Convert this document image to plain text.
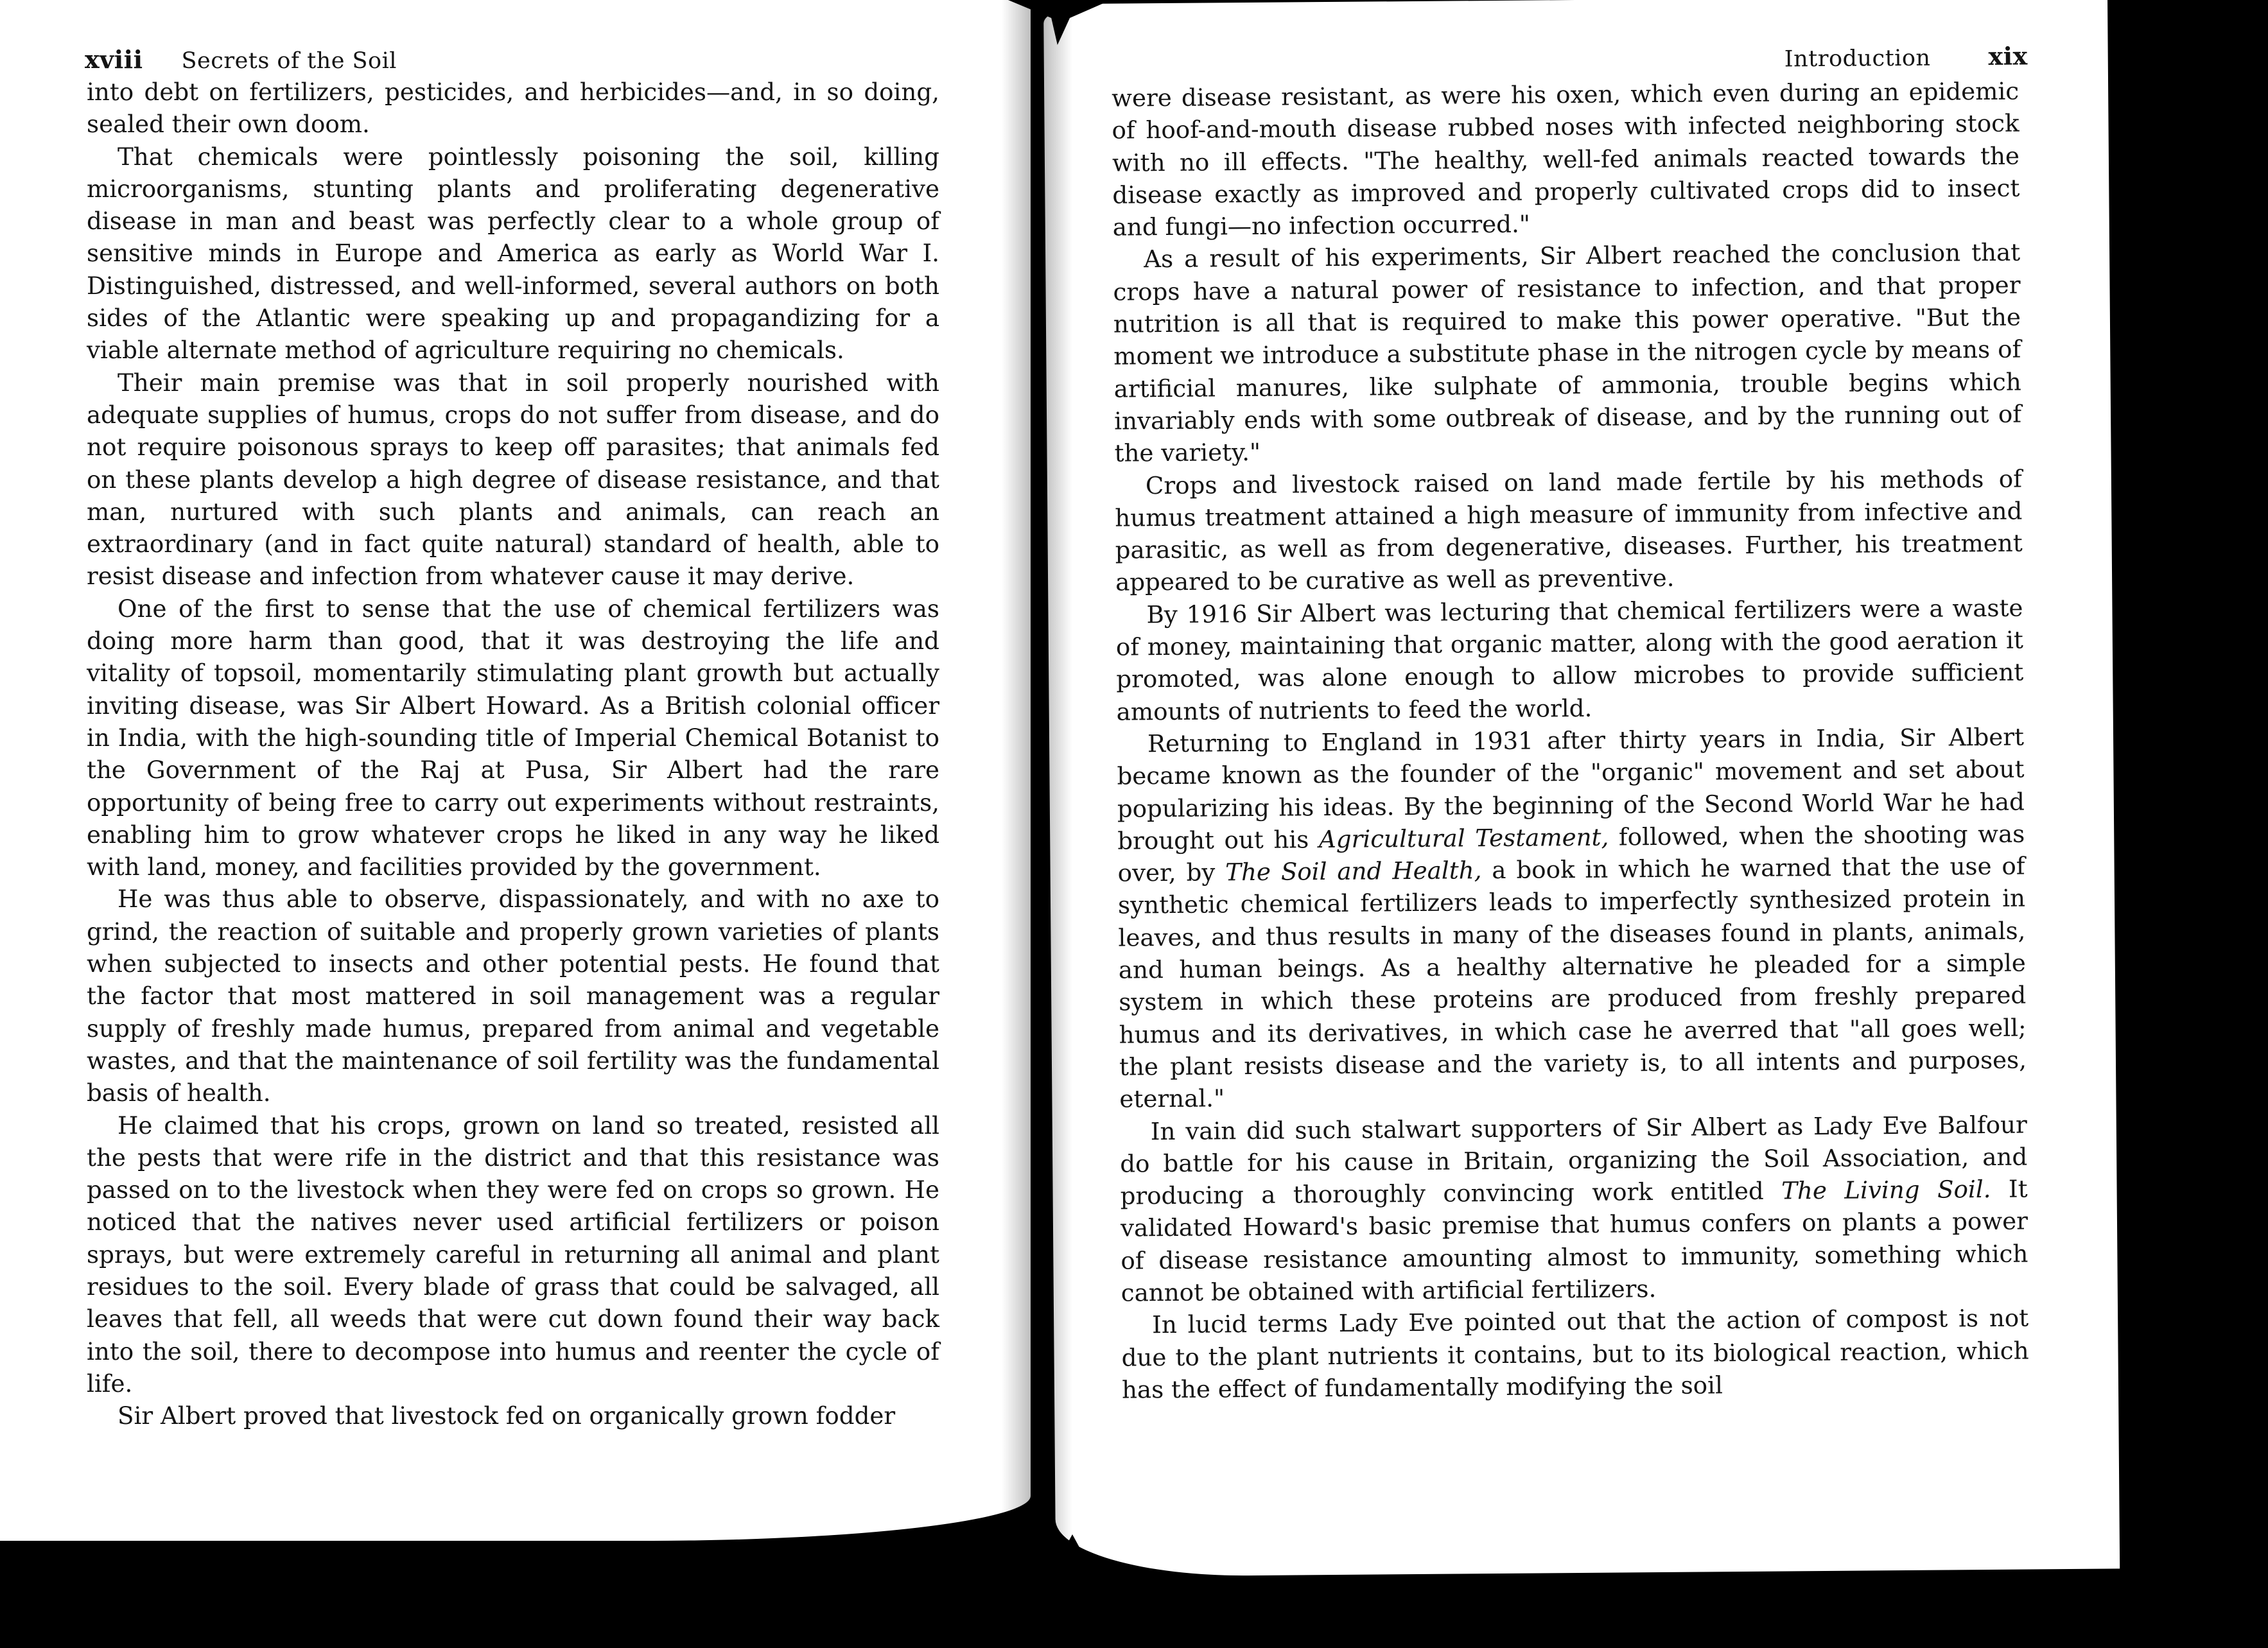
xviii Secrets of the Soil

into debt on fertilizers, pesticides, and herbicides—and, in so doing, sealed their own doom.

That chemicals were pointlessly poisoning the soil, killing microorganisms, stunting plants and proliferating degenerative disease in man and beast was perfectly clear to a whole group of sensitive minds in Europe and America as early as World War I. Distinguished, distressed, and well-informed, several authors on both sides of the Atlantic were speaking up and propagandizing for a viable alternate method of agriculture requiring no chemicals.

Their main premise was that in soil properly nourished with adequate supplies of humus, crops do not suffer from disease, and do not require poisonous sprays to keep off parasites; that animals fed on these plants develop a high degree of disease resistance, and that man, nurtured with such plants and animals, can reach an extraordinary (and in fact quite natural) standard of health, able to resist disease and infection from whatever cause it may derive.

One of the first to sense that the use of chemical fertilizers was doing more harm than good, that it was destroying the life and vitality of topsoil, momentarily stimulating plant growth but actually inviting disease, was Sir Albert Howard. As a British colonial officer in India, with the high-sounding title of Imperial Chemical Botanist to the Government of the Raj at Pusa, Sir Albert had the rare opportunity of being free to carry out experiments without restraints, enabling him to grow whatever crops he liked in any way he liked with land, money, and facilities provided by the government.

He was thus able to observe, dispassionately, and with no axe to grind, the reaction of suitable and properly grown varieties of plants when subjected to insects and other potential pests. He found that the factor that most mattered in soil management was a regular supply of freshly made humus, prepared from animal and vegetable wastes, and that the maintenance of soil fertility was the fundamental basis of health.

He claimed that his crops, grown on land so treated, resisted all the pests that were rife in the district and that this resistance was passed on to the livestock when they were fed on crops so grown. He noticed that the natives never used artificial fertilizers or poison sprays, but were extremely careful in returning all animal and plant residues to the soil. Every blade of grass that could be salvaged, all leaves that fell, all weeds that were cut down found their way back into the soil, there to decompose into humus and reenter the cycle of life.

Sir Albert proved that livestock fed on organically grown fodder

Introduction xix

were disease resistant, as were his oxen, which even during an epidemic of hoof-and-mouth disease rubbed noses with infected neighboring stock with no ill effects. "The healthy, well-fed animals reacted towards the disease exactly as improved and properly cultivated crops did to insect and fungi—no infection occurred."

As a result of his experiments, Sir Albert reached the conclusion that crops have a natural power of resistance to infection, and that proper nutrition is all that is required to make this power operative. "But the moment we introduce a substitute phase in the nitrogen cycle by means of artificial manures, like sulphate of ammonia, trouble begins which invariably ends with some outbreak of disease, and by the running out of the variety."

Crops and livestock raised on land made fertile by his methods of humus treatment attained a high measure of immunity from infective and parasitic, as well as from degenerative, diseases. Further, his treatment appeared to be curative as well as preventive.

By 1916 Sir Albert was lecturing that chemical fertilizers were a waste of money, maintaining that organic matter, along with the good aeration it promoted, was alone enough to allow microbes to provide sufficient amounts of nutrients to feed the world.

Returning to England in 1931 after thirty years in India, Sir Albert became known as the founder of the "organic" movement and set about popularizing his ideas. By the beginning of the Second World War he had brought out his Agricultural Testament, followed, when the shooting was over, by The Soil and Health, a book in which he warned that the use of synthetic chemical fertilizers leads to imperfectly synthesized protein in leaves, and thus results in many of the diseases found in plants, animals, and human beings. As a healthy alternative he pleaded for a simple system in which these proteins are produced from freshly prepared humus and its derivatives, in which case he averred that "all goes well; the plant resists disease and the variety is, to all intents and purposes, eternal."

In vain did such stalwart supporters of Sir Albert as Lady Eve Balfour do battle for his cause in Britain, organizing the Soil Association, and producing a thoroughly convincing work entitled The Living Soil. It validated Howard's basic premise that humus confers on plants a power of disease resistance amounting almost to immunity, something which cannot be obtained with artificial fertilizers.

In lucid terms Lady Eve pointed out that the action of compost is not due to the plant nutrients it contains, but to its biological reaction, which has the effect of fundamentally modifying the soil
